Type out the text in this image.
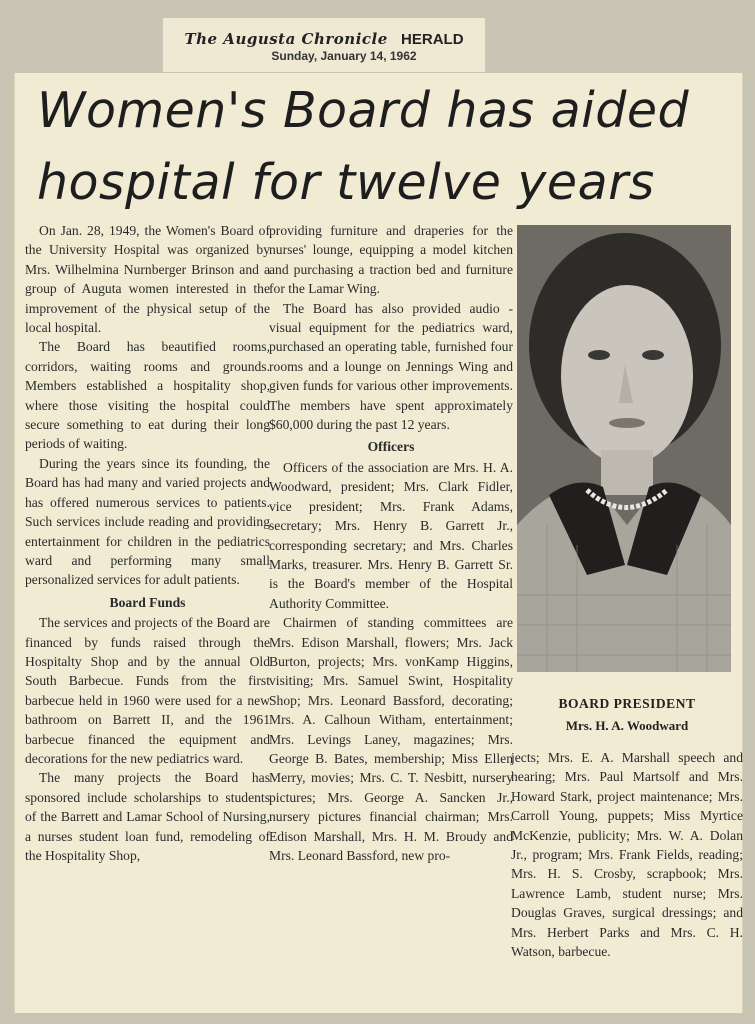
The Augusta Chronicle HERALD
Sunday, January 14, 1962
Women's Board has aided hospital for twelve years

On Jan. 28, 1949, the Women's Board of the University Hospital was organized by Mrs. Wilhelmina Nurnberger Brinson and a group of Auguta women interested in the improvement of the physical setup of the local hospital.

The Board has beautified rooms, corridors, waiting rooms and grounds. Members established a hospitality shop, where those visiting the hospital could secure something to eat during their long periods of waiting.

During the years since its founding, the Board has had many and varied projects and has offered numerous services to patients. Such services include reading and providing entertainment for children in the pediatrics ward and performing many small personalized services for adult patients.

Board Funds

The services and projects of the Board are financed by funds raised through the Hospitalty Shop and by the annual Old South Barbecue. Funds from the first barbecue held in 1960 were used for a new bathroom on Barrett II, and the 1961 barbecue financed the equipment and decorations for the new pediatrics ward.

The many projects the Board has sponsored include scholarships to students of the Barrett and Lamar School of Nursing, a nurses student loan fund, remodeling of the Hospitality Shop,

providing furniture and draperies for the nurses' lounge, equipping a model kitchen and purchasing a traction bed and furniture for the Lamar Wing.

The Board has also provided audio - visual equipment for the pediatrics ward, purchased an operating table, furnished four rooms and a lounge on Jennings Wing and given funds for various other improvements. The members have spent approximately $60,000 during the past 12 years.

Officers

Officers of the association are Mrs. H. A. Woodward, president; Mrs. Clark Fidler, vice president; Mrs. Frank Adams, secretary; Mrs. Henry B. Garrett Jr., corresponding secretary; and Mrs. Charles Marks, treasurer. Mrs. Henry B. Garrett Sr. is the Board's member of the Hospital Authority Committee.

Chairmen of standing committees are Mrs. Edison Marshall, flowers; Mrs. Jack Burton, projects; Mrs. vonKamp Higgins, visiting; Mrs. Samuel Swint, Hospitality Shop; Mrs. Leonard Bassford, decorating; Mrs. A. Calhoun Witham, entertainment; Mrs. Levings Laney, magazines; Mrs. George B. Bates, membership; Miss Ellen Merry, movies; Mrs. C. T. Nesbitt, nursery pictures; Mrs. George A. Sancken Jr., nursery pictures financial chairman; Mrs. Edison Marshall, Mrs. H. M. Broudy and Mrs. Leonard Bassford, new pro-

BOARD PRESIDENT
Mrs. H. A. Woodward

jects; Mrs. E. A. Marshall speech and hearing; Mrs. Paul Martsolf and Mrs. Howard Stark, project maintenance; Mrs. Carroll Young, puppets; Miss Myrtice McKenzie, publicity; Mrs. W. A. Dolan Jr., program; Mrs. Frank Fields, reading; Mrs. H. S. Crosby, scrapbook; Mrs. Lawrence Lamb, student nurse; Mrs. Douglas Graves, surgical dressings; and Mrs. Herbert Parks and Mrs. C. H. Watson, barbecue.
